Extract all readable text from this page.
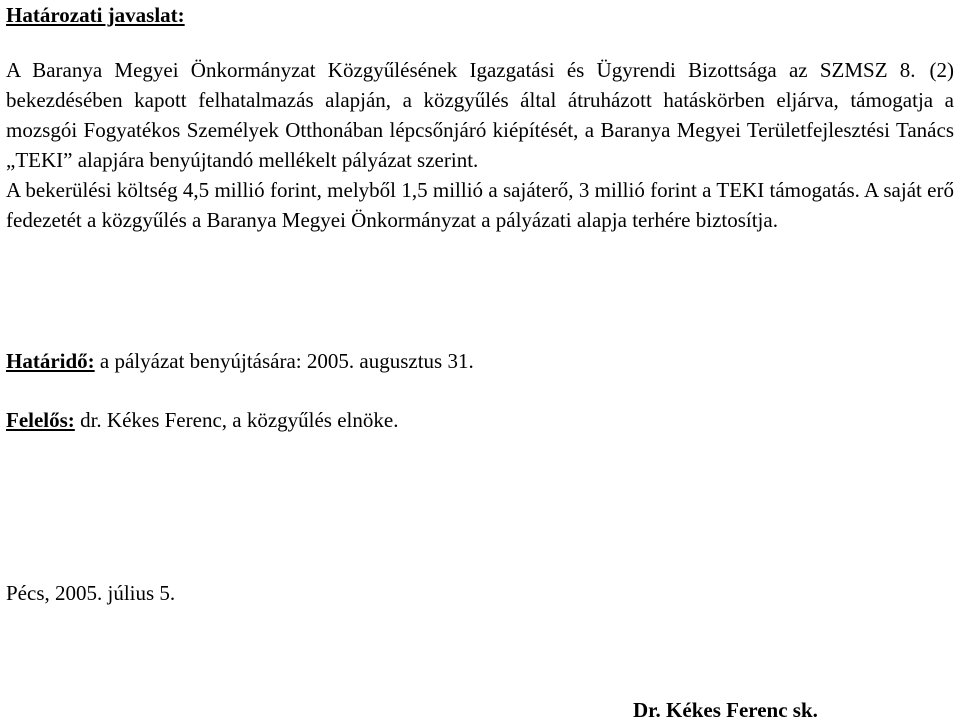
Határozati javaslat:

A Baranya Megyei Önkormányzat Közgyűlésének Igazgatási és Ügyrendi Bizottsága az SZMSZ 8. (2) bekezdésében kapott felhatalmazás alapján, a közgyűlés által átruházott hatáskörben eljárva, támogatja a mozsgói Fogyatékos Személyek Otthonában lépcsőnjáró kiépítését, a Baranya Megyei Területfejlesztési Tanács „TEKI” alapjára benyújtandó mellékelt pályázat szerint.

A bekerülési költség 4,5 millió forint, melyből 1,5 millió a sajáterő, 3 millió forint a TEKI támogatás. A saját erő fedezetét a közgyűlés a Baranya Megyei Önkormányzat a pályázati alapja terhére biztosítja.

Határidő: a pályázat benyújtására: 2005. augusztus 31.
Felelős: dr. Kékes Ferenc, a közgyűlés elnöke.
Pécs, 2005. július 5.
Dr. Kékes Ferenc sk.
